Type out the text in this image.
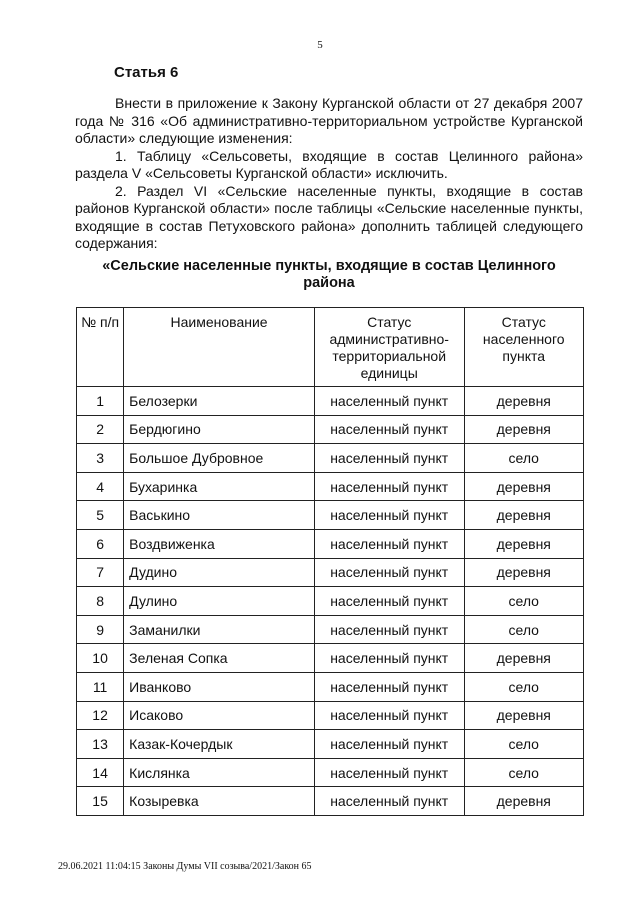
5
Статья 6

Внести в приложение к Закону Курганской области от 27 декабря 2007 года № 316 «Об административно-территориальном устройстве Курганской области» следующие изменения:

1. Таблицу «Сельсоветы, входящие в состав Целинного района» раздела V «Сельсоветы Курганской области» исключить.

2. Раздел VI «Сельские населенные пункты, входящие в состав районов Курганской области» после таблицы «Сельские населенные пункты, входящие в состав Петуховского района» дополнить таблицей следующего содержания:

«Сельские населенные пункты, входящие в состав Целинного района
№ п/п	Наименование	Статус административно-территориальной единицы	Статус населенного пункта
1	Белозерки	населенный пункт	деревня
2	Бердюгино	населенный пункт	деревня
3	Большое Дубровное	населенный пункт	село
4	Бухаринка	населенный пункт	деревня
5	Васькино	населенный пункт	деревня
6	Воздвиженка	населенный пункт	деревня
7	Дудино	населенный пункт	деревня
8	Дулино	населенный пункт	село
9	Заманилки	населенный пункт	село
10	Зеленая Сопка	населенный пункт	деревня
11	Иванково	населенный пункт	село
12	Исаково	населенный пункт	деревня
13	Казак-Кочердык	населенный пункт	село
14	Кислянка	населенный пункт	село
15	Козыревка	населенный пункт	деревня
29.06.2021 11:04:15 Законы Думы VII созыва/2021/Закон 65
